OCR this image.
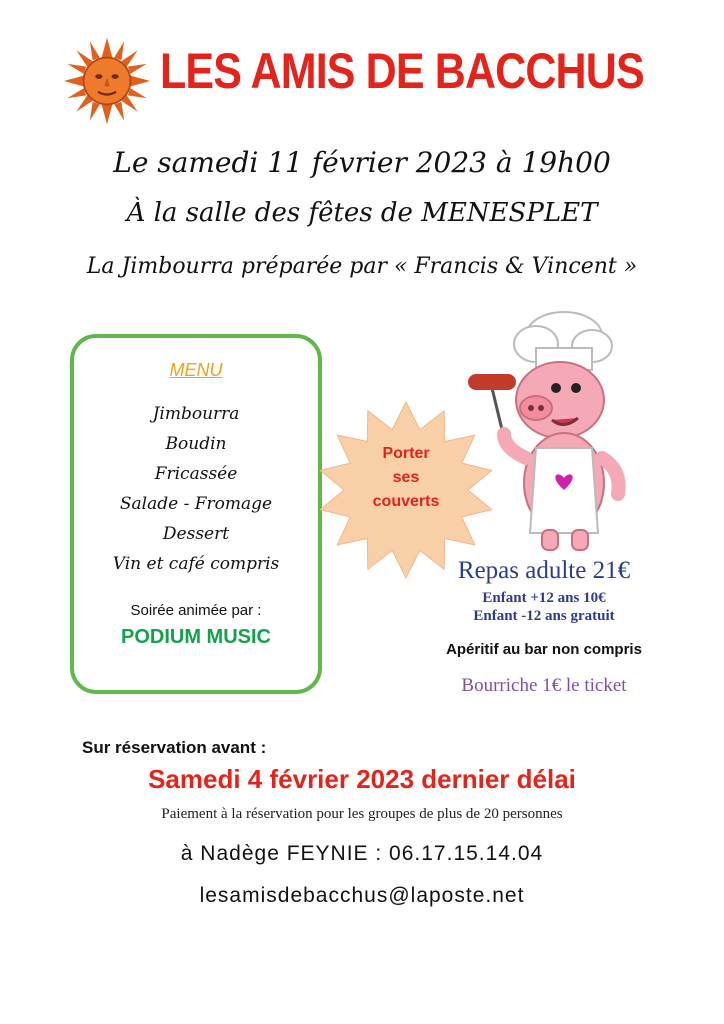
LES AMIS DE BACCHUS
Le samedi 11 février 2023 à 19h00
À la salle des fêtes de MENESPLET
La Jimbourra préparée par « Francis & Vincent »
MENU
Jimbourra
Boudin
Fricassée
Salade - Fromage
Dessert
Vin et café compris
Soirée animée par :
PODIUM MUSIC
Porter
ses
couverts
Repas adulte 21€
Enfant +12 ans 10€
Enfant -12 ans gratuit
Apéritif au bar non compris
Bourriche 1€ le ticket
Sur réservation avant :
Samedi 4 février 2023 dernier délai
Paiement à la réservation pour les groupes de plus de 20 personnes
à Nadège FEYNIE : 06.17.15.14.04
lesamisdebacchus@laposte.net
